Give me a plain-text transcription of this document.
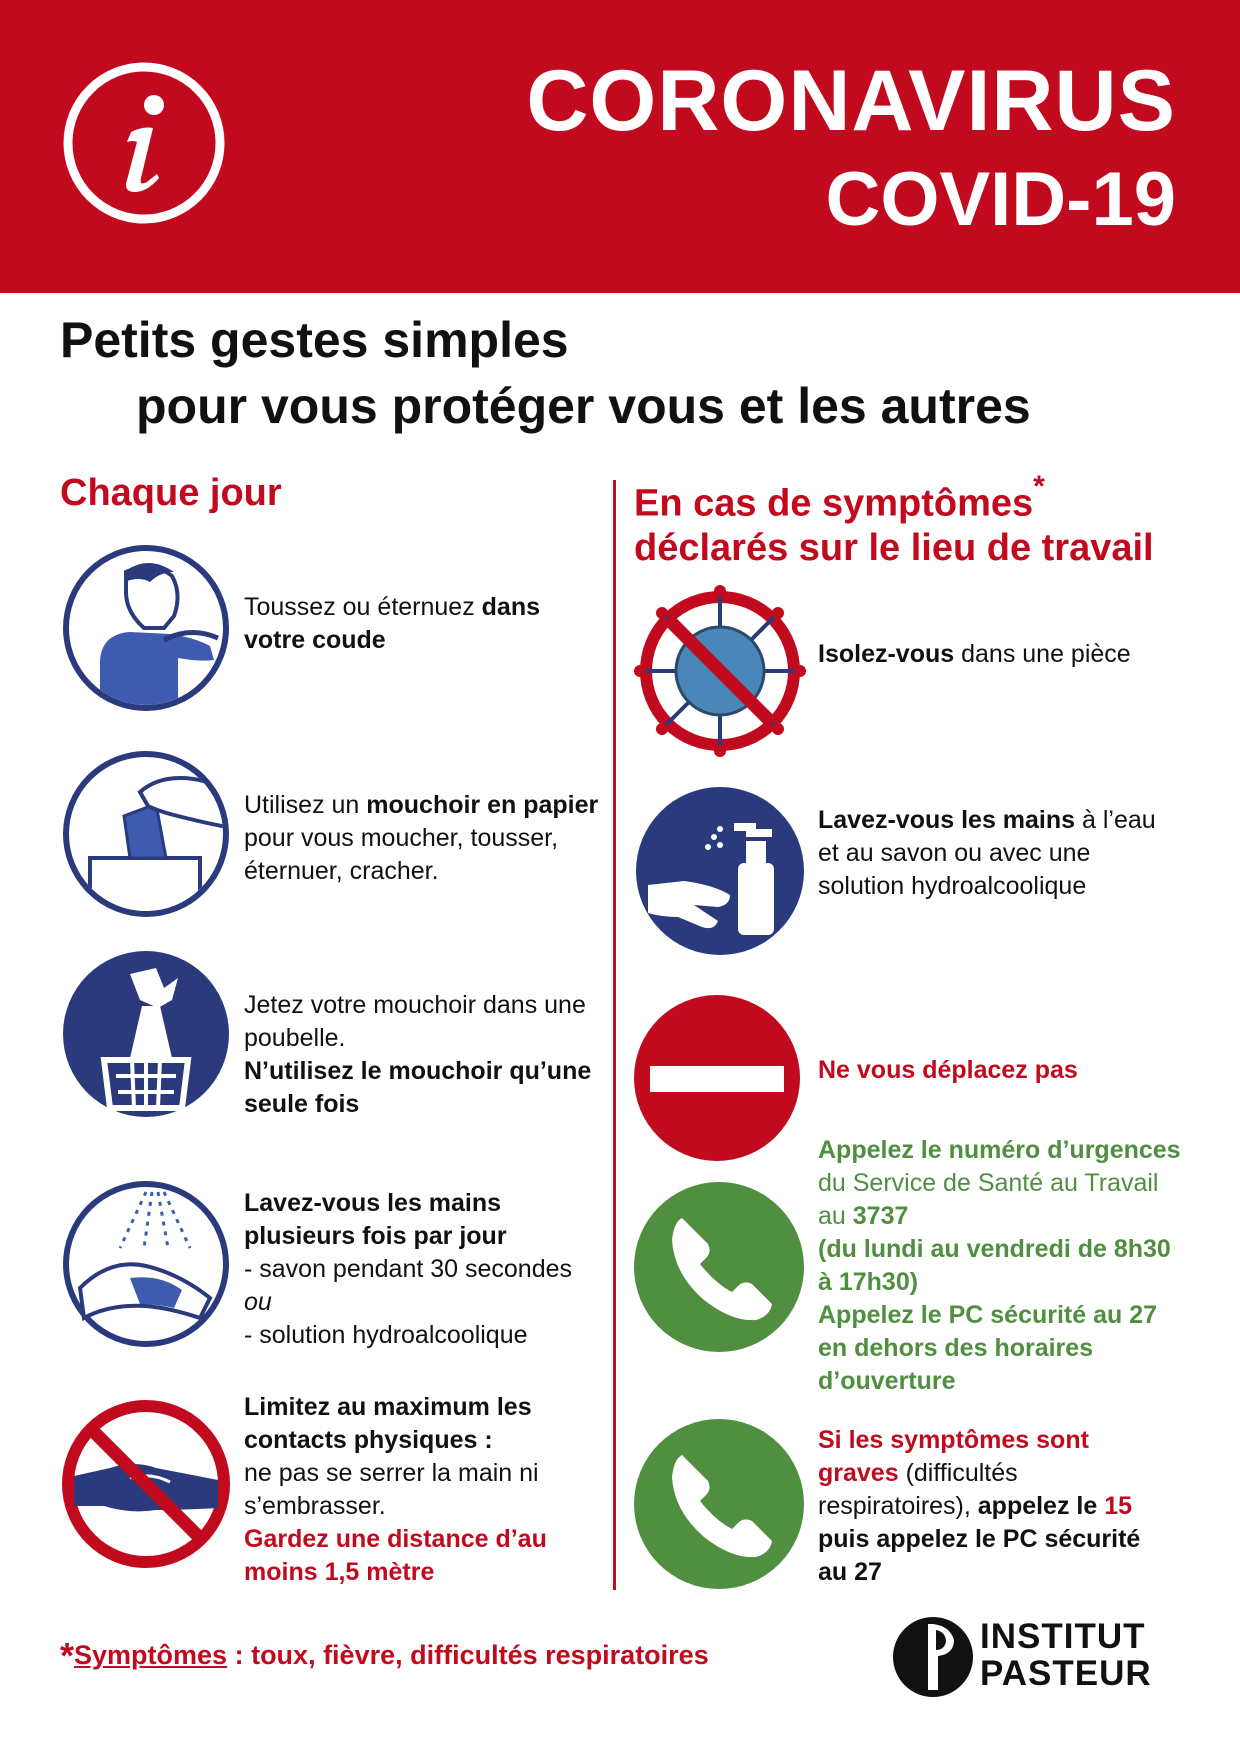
CORONAVIRUS
COVID-19
Petits gestes simples
pour vous protéger vous et les autres
Chaque jour	En cas de symptômes*
déclarés sur le lieu de travail
Toussez ou éternuez dans votre coude
Utilisez un mouchoir en papier pour vous moucher, tousser, éternuer, cracher.
Jetez votre mouchoir dans une poubelle.
N’utilisez le mouchoir qu’une seule fois
Lavez-vous les mains plusieurs fois par jour
- savon pendant 30 secondes
ou
- solution hydroalcoolique
Limitez au maximum les contacts physiques :
ne pas se serrer la main ni s’embrasser.
Gardez une distance d’au moins 1,5 mètre
Isolez-vous dans une pièce
Lavez-vous les mains à l’eau et au savon ou avec une solution hydroalcoolique
Ne vous déplacez pas
Appelez le numéro d’urgences du Service de Santé au Travail au 3737
(du lundi au vendredi de 8h30 à 17h30)
Appelez le PC sécurité au 27 en dehors des horaires d’ouverture
Si les symptômes sont graves (difficultés respiratoires), appelez le 15 puis appelez le PC sécurité au 27
*Symptômes : toux, fièvre, difficultés respiratoires	INSTITUT
PASTEUR
